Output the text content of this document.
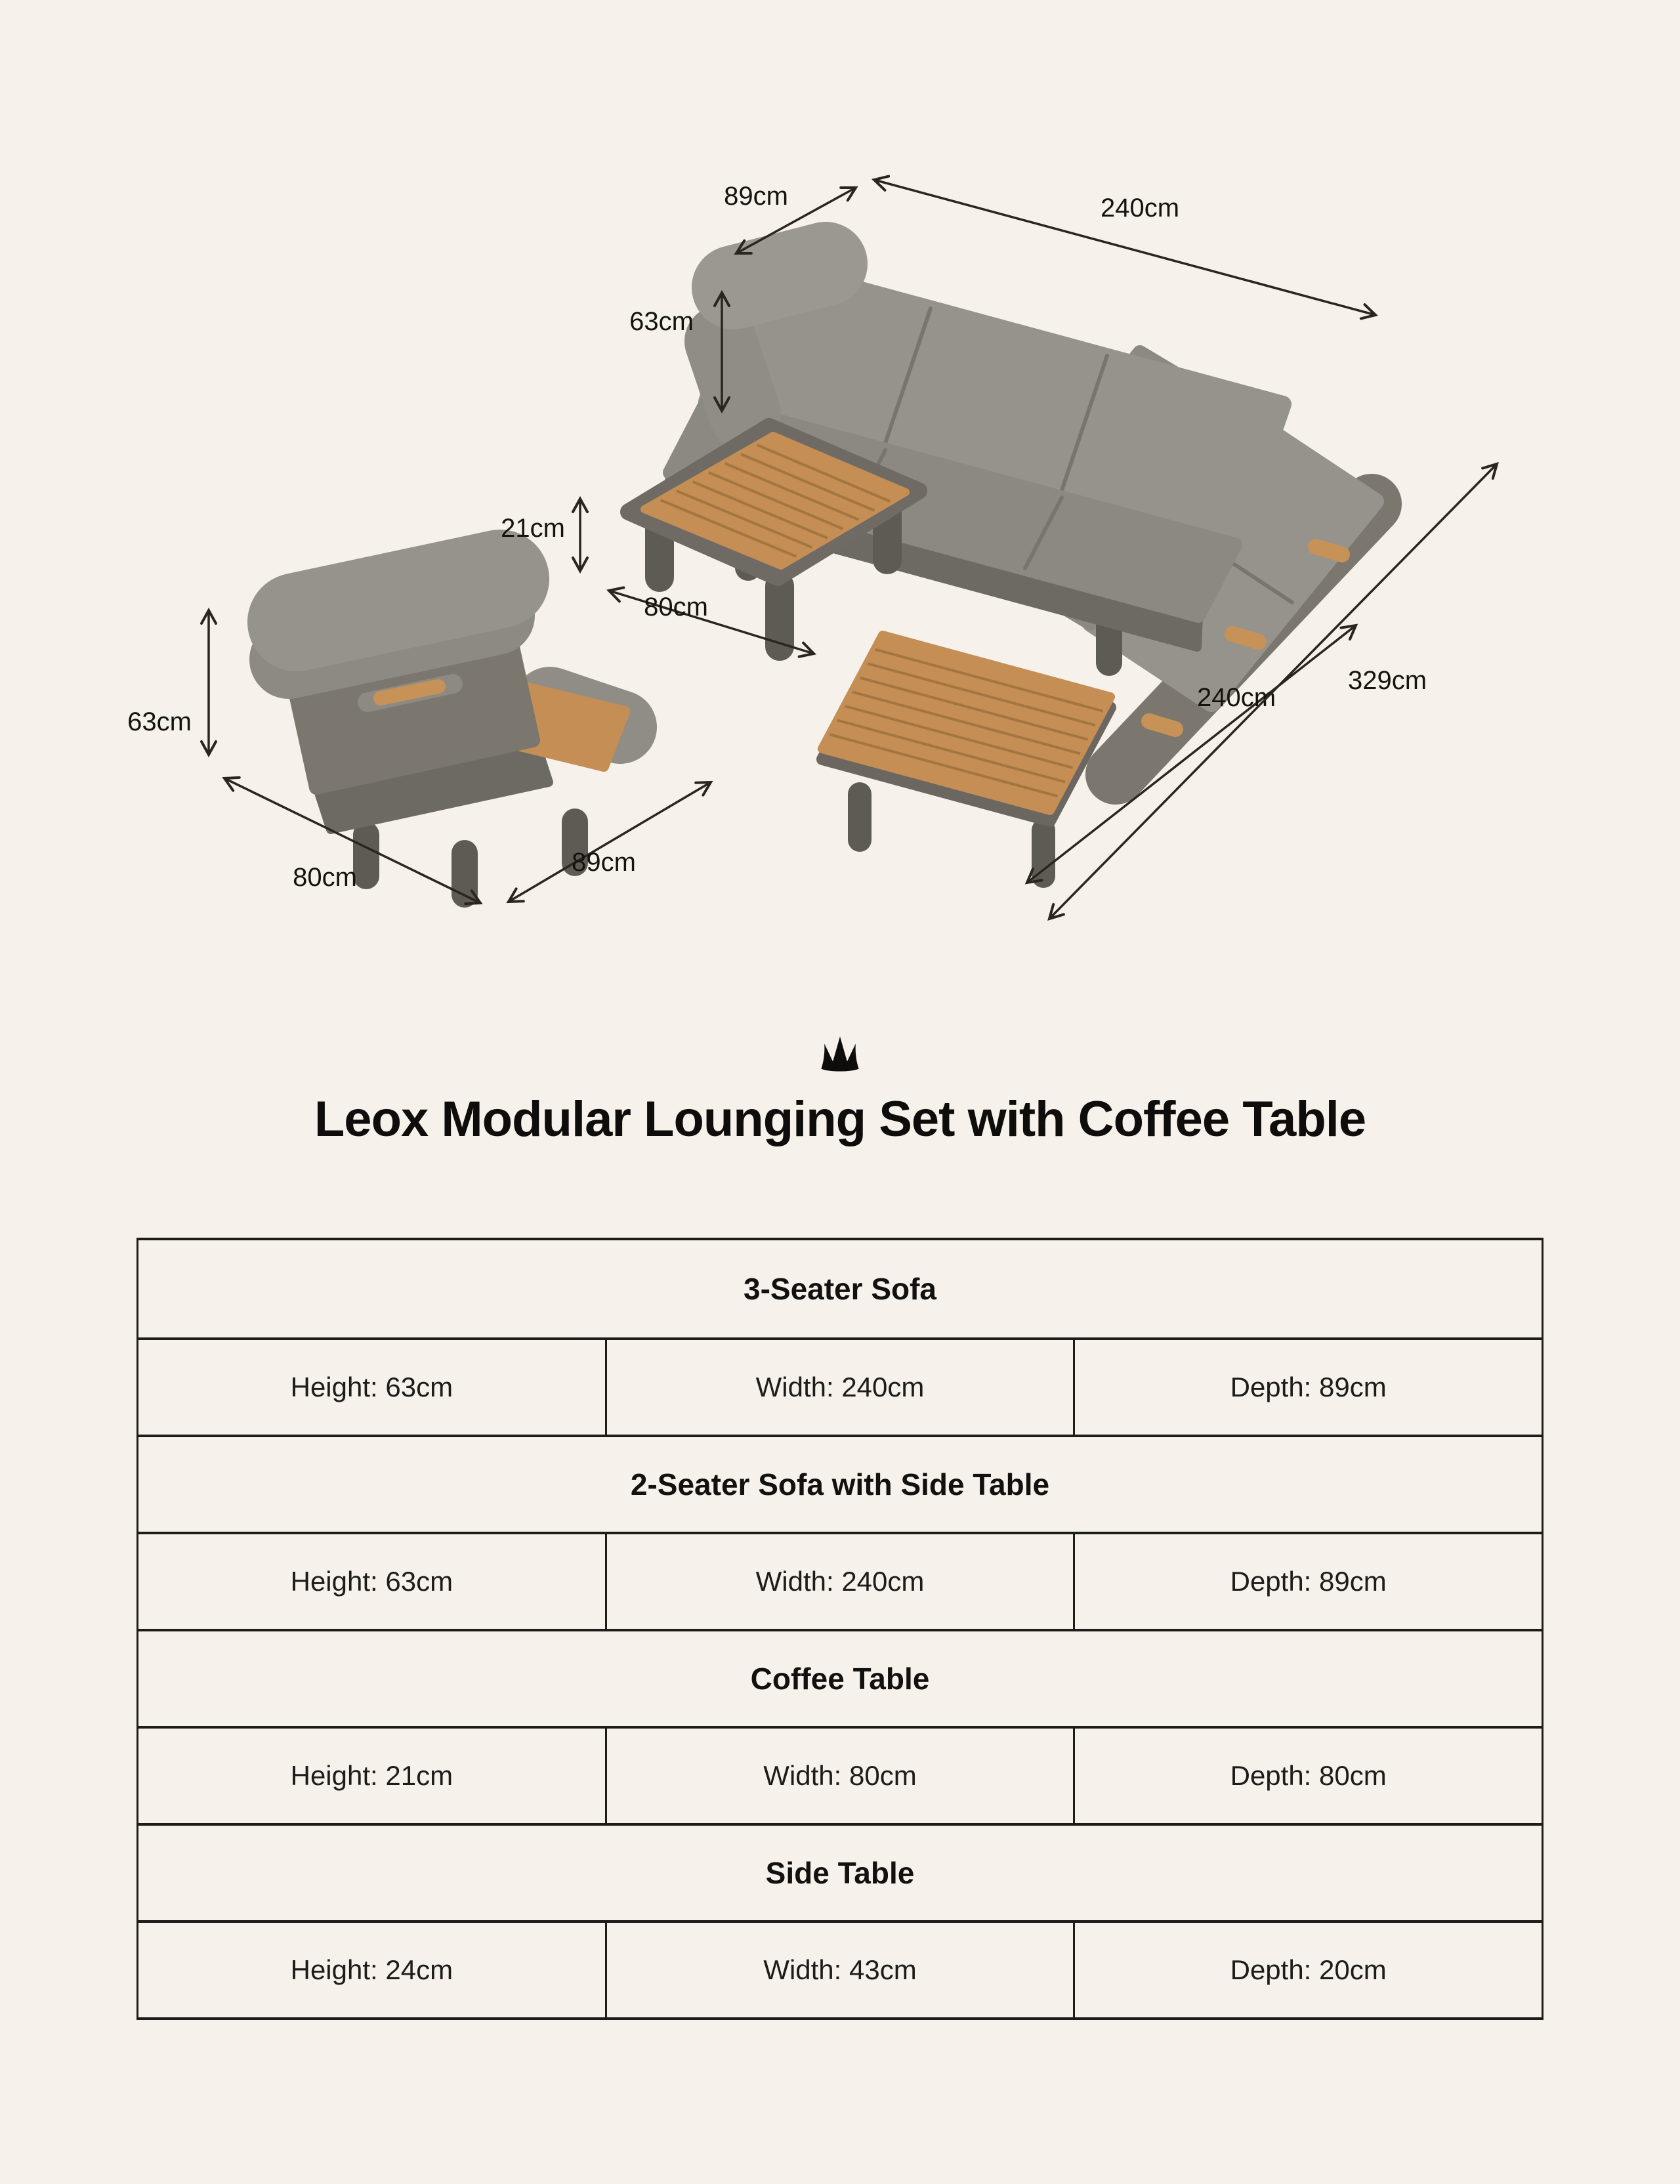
89cm	240cm
63cm
21cm
80cm
63cm
80cm
89cm
240cm
329cm
Leox Modular Lounging Set with Coffee Table
3-Seater Sofa
Height: 63cm	Width: 240cm	Depth: 89cm
2-Seater Sofa with Side Table
Height: 63cm	Width: 240cm	Depth: 89cm
Coffee Table
Height: 21cm	Width: 80cm	Depth: 80cm
Side Table
Height: 24cm	Width: 43cm	Depth: 20cm
